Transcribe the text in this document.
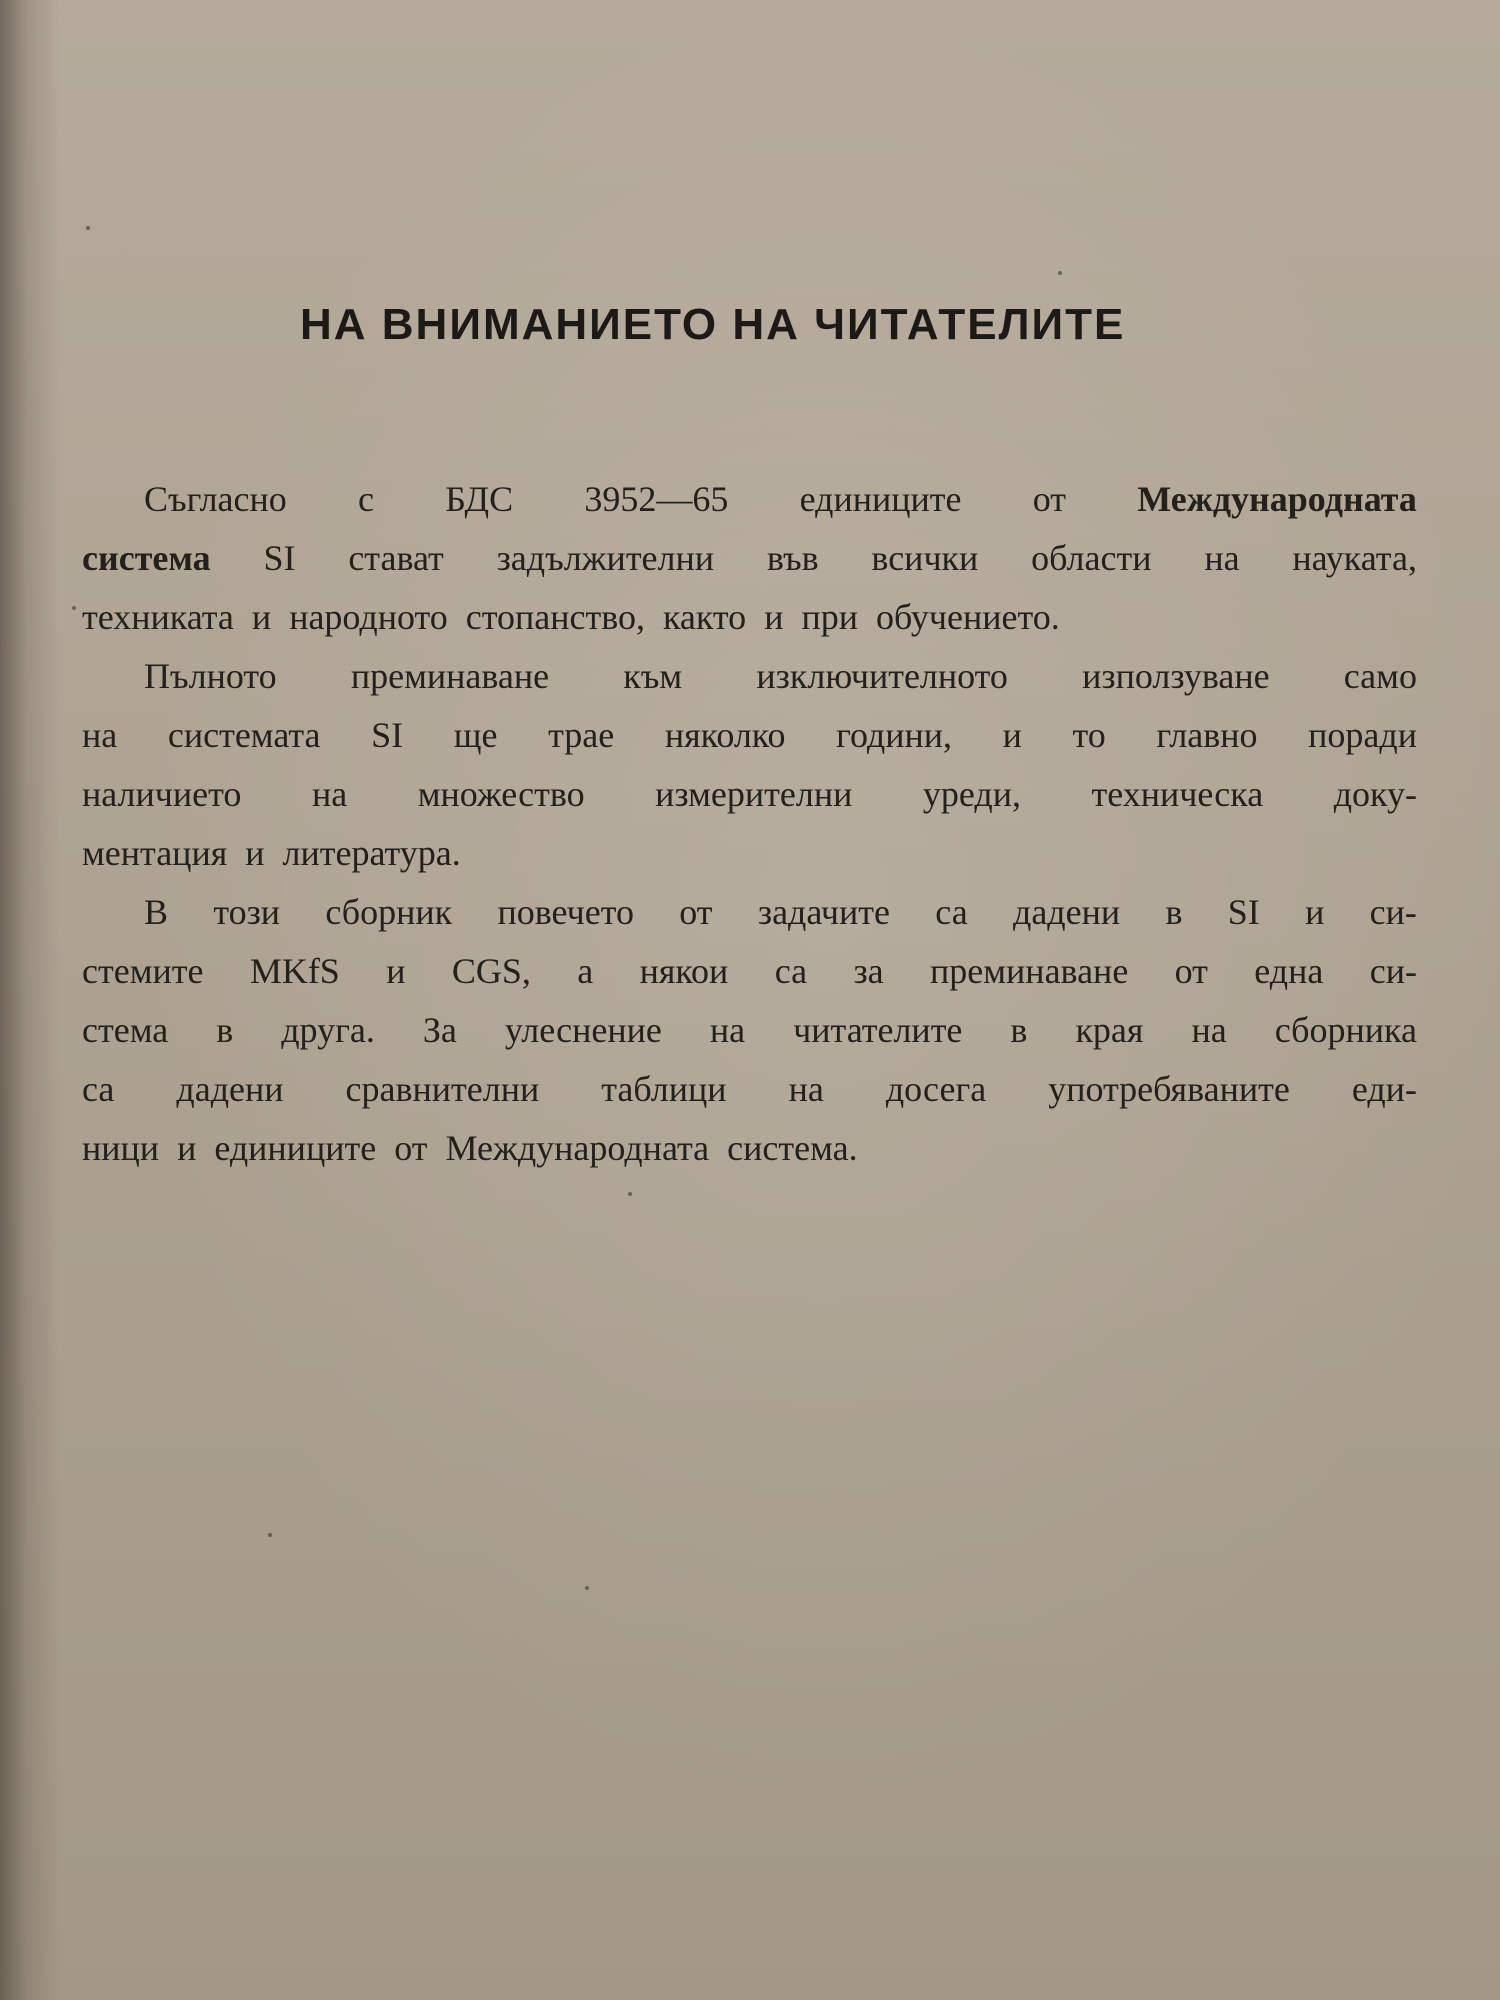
НА ВНИМАНИЕТО НА ЧИТАТЕЛИТЕ
Съгласно с БДС 3952—65 единиците от Международната
система SI стават задължителни във всички области на науката,
техниката и народното стопанство, както и при обучението.
Пълното преминаване към изключителното използуване само
на системата SI ще трае няколко години, и то главно поради
наличието на множество измерителни уреди, техническа доку-
ментация и литература.
В този сборник повечето от задачите са дадени в SI и си-
стемите MKfS и CGS, а някои са за преминаване от една си-
стема в друга. За улеснение на читателите в края на сборника
са дадени сравнителни таблици на досега употребяваните еди-
ници и единиците от Международната система.
